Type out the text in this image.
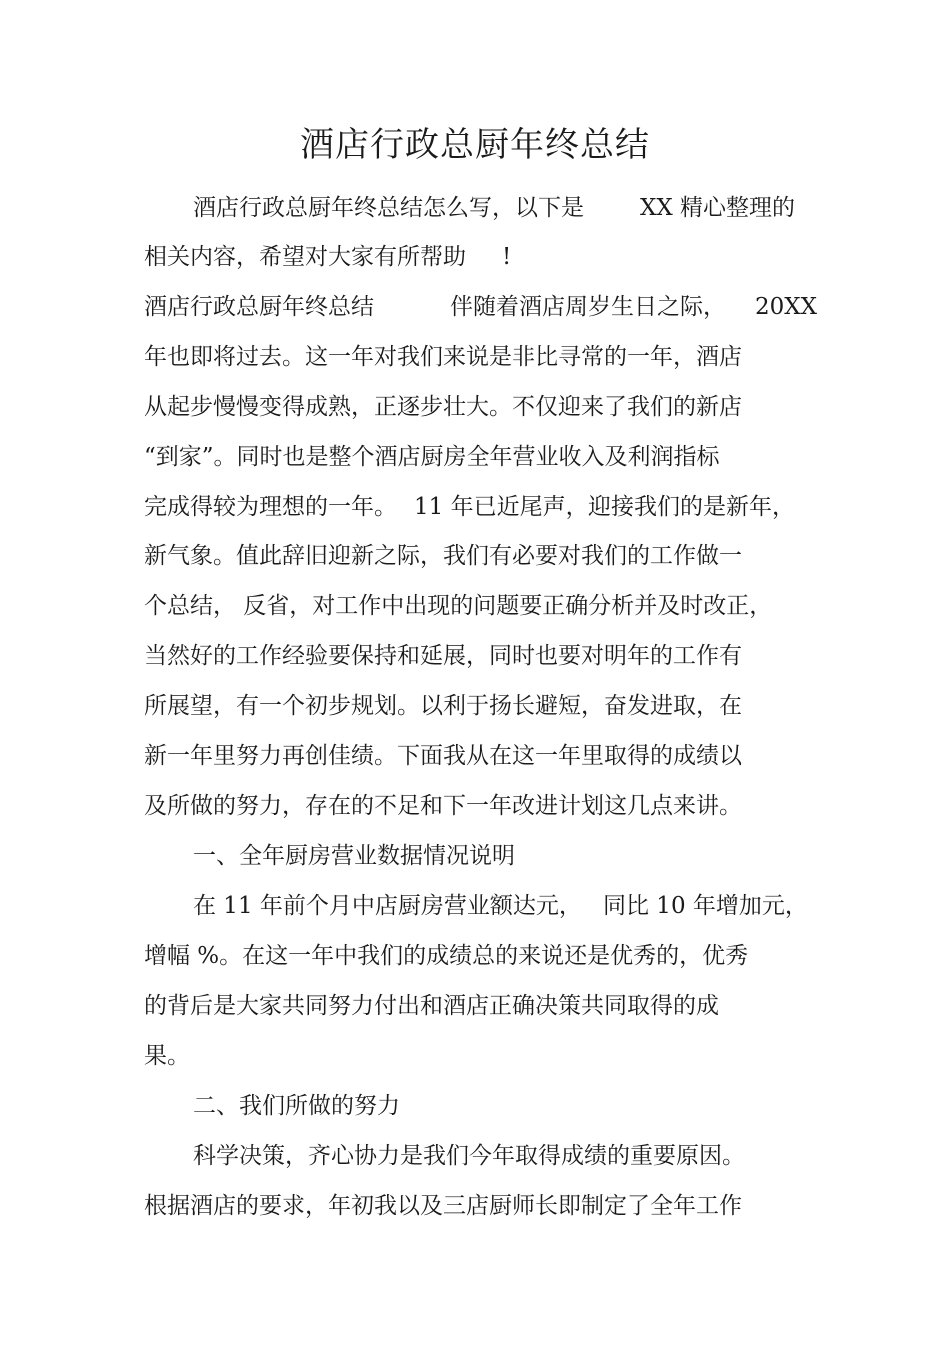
酒店行政总厨年终总结
酒店行政总厨年终总结怎么写，以下是 XX 精心整理的
相关内容，希望对大家有所帮助 !
酒店行政总厨年终总结	伴随着酒店周岁生日之际， 20XX
年也即将过去。这一年对我们来说是非比寻常的一年，酒店
从起步慢慢变得成熟，正逐步壮大。不仅迎来了我们的新店
“到家”。同时也是整个酒店厨房全年营业收入及利润指标
完成得较为理想的一年。 11 年已近尾声， 迎接我们的是新年，
新气象。值此辞旧迎新之际，我们有必要对我们的工作做一
个总结， 反省，对工作中出现的问题要正确分析并及时改正，
当然好的工作经验要保持和延展，同时也要对明年的工作有
所展望，有一个初步规划。以利于扬长避短，奋发进取，在
新一年里努力再创佳绩。下面我从在这一年里取得的成绩以
及所做的努力，存在的不足和下一年改进计划这几点来讲。
一、全年厨房营业数据情况说明
在 11 年前个月中店厨房营业额达元， 同比 10 年增加元，
增幅 %。在这一年中我们的成绩总的来说还是优秀的，优秀
的背后是大家共同努力付出和酒店正确决策共同取得的成
果。
二、我们所做的努力
科学决策，齐心协力是我们今年取得成绩的重要原因。
根据酒店的要求，年初我以及三店厨师长即制定了全年工作
